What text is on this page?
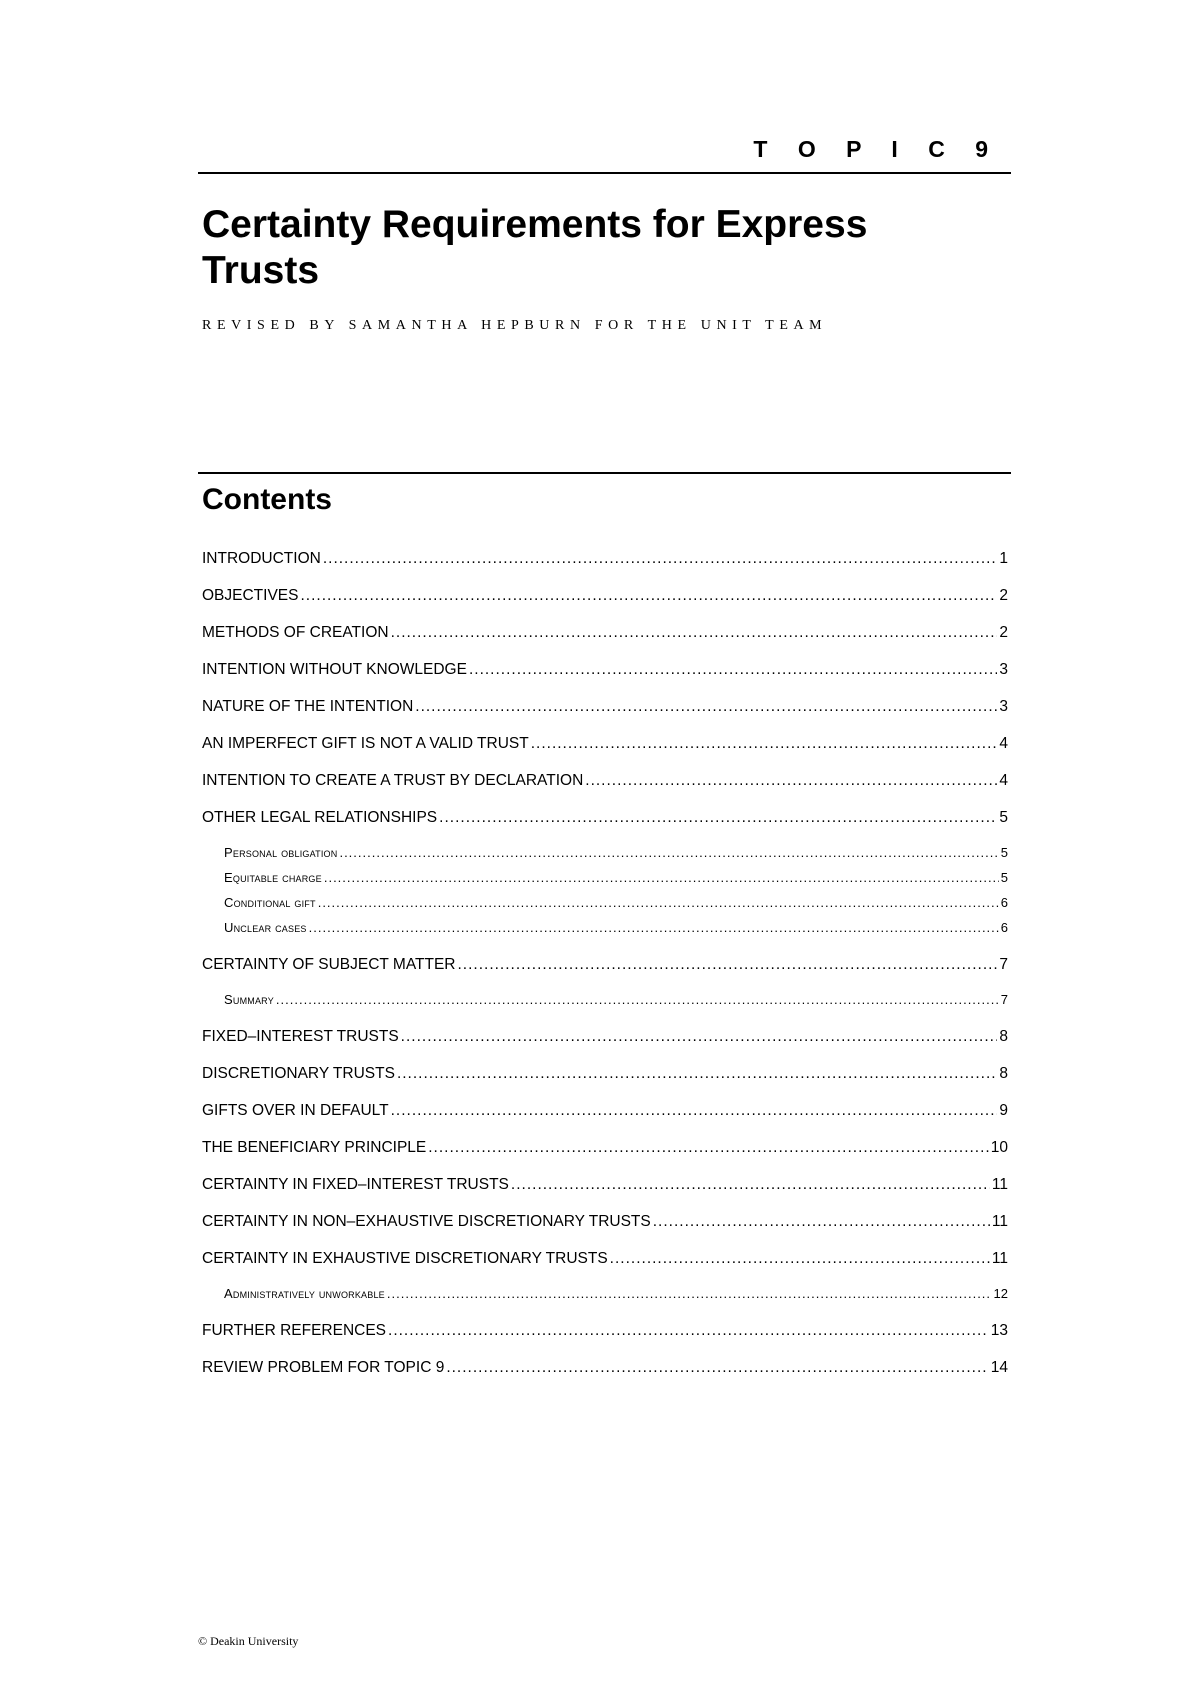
T O P I C 9
Certainty Requirements for Express Trusts
REVISED BY SAMANTHA HEPBURN FOR THE UNIT TEAM
Contents
INTRODUCTION .....	1
OBJECTIVES .....	2
METHODS OF CREATION .....	2
INTENTION WITHOUT KNOWLEDGE .....	3
NATURE OF THE INTENTION .....	3
AN IMPERFECT GIFT IS NOT A VALID TRUST .....	4
INTENTION TO CREATE A TRUST BY DECLARATION .....	4
OTHER LEGAL RELATIONSHIPS .....	5
Personal obligation .....	5
Equitable charge .....	5
Conditional gift .....	6
Unclear cases .....	6
CERTAINTY OF SUBJECT MATTER .....	7
Summary .....	7
FIXED–INTEREST TRUSTS .....	8
DISCRETIONARY TRUSTS .....	8
GIFTS OVER IN DEFAULT .....	9
THE BENEFICIARY PRINCIPLE .....	10
CERTAINTY IN FIXED–INTEREST TRUSTS .....	11
CERTAINTY IN NON–EXHAUSTIVE DISCRETIONARY TRUSTS .....	11
CERTAINTY IN EXHAUSTIVE DISCRETIONARY TRUSTS .....	11
Administratively unworkable .....	12
FURTHER REFERENCES .....	13
REVIEW PROBLEM FOR TOPIC 9 .....	14
© Deakin University
